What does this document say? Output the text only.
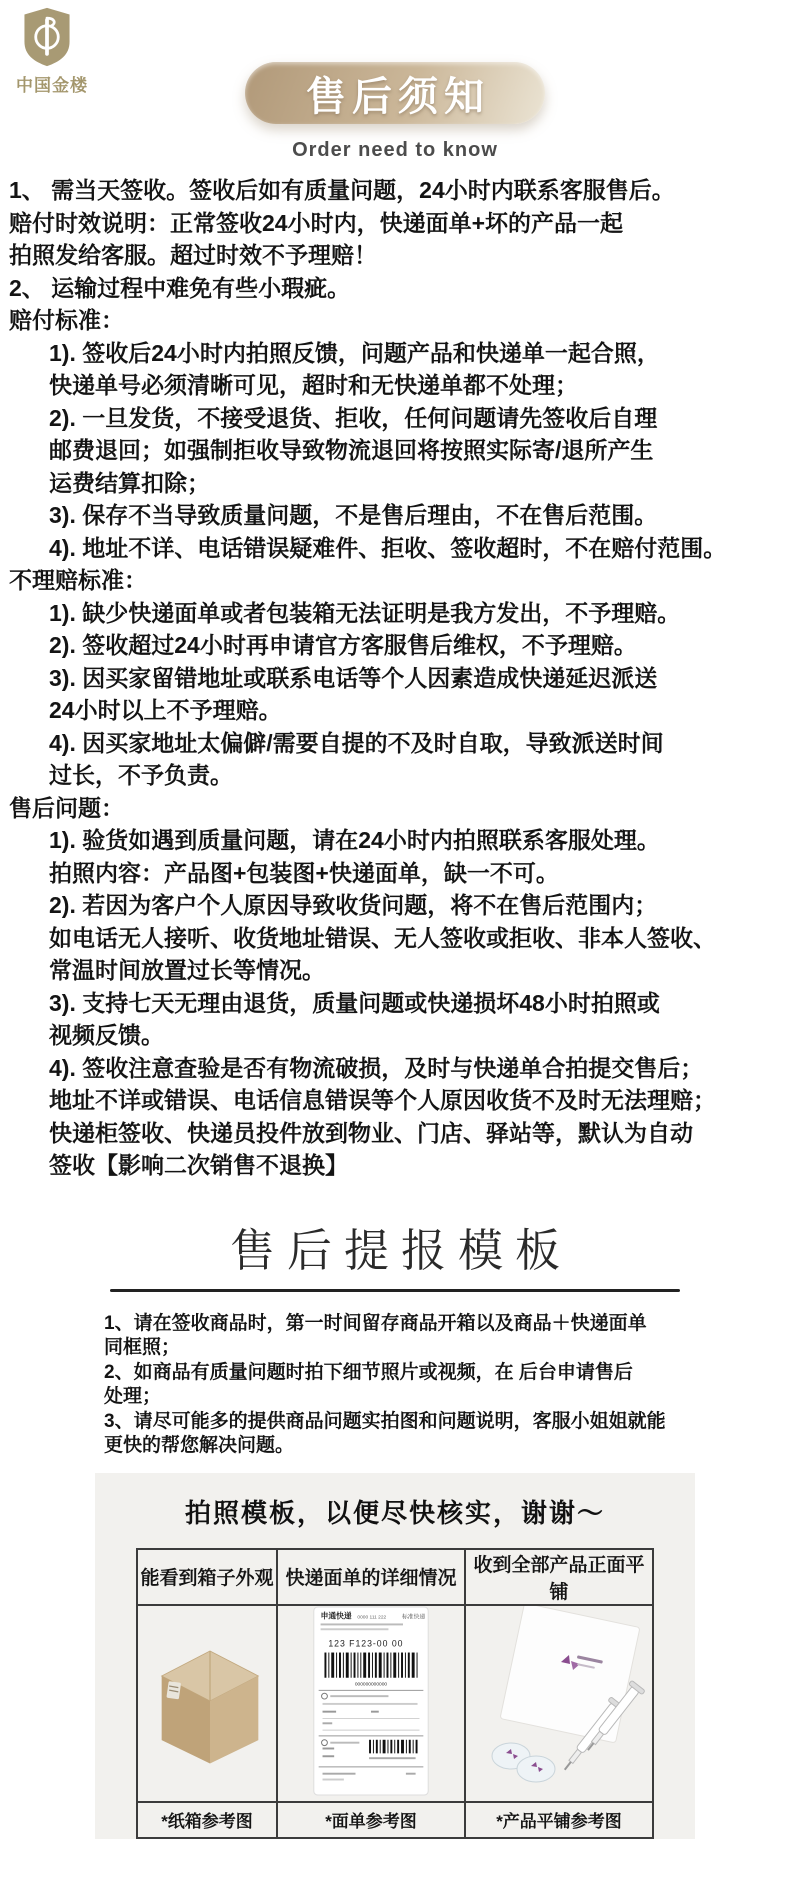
中国金楼	售后须知
Order need to know
1、 需当天签收。签收后如有质量问题，24小时内联系客服售后。
赔付时效说明：正常签收24小时内，快递面单+坏的产品一起
拍照发给客服。超过时效不予理赔！
2、 运输过程中难免有些小瑕疵。
赔付标准：
1). 签收后24小时内拍照反馈，问题产品和快递单一起合照，
快递单号必须清晰可见，超时和无快递单都不处理；
2). 一旦发货，不接受退货、拒收，任何问题请先签收后自理
邮费退回；如强制拒收导致物流退回将按照实际寄/退所产生
运费结算扣除；
3). 保存不当导致质量问题，不是售后理由，不在售后范围。
4). 地址不详、电话错误疑难件、拒收、签收超时，不在赔付范围。
不理赔标准：
1). 缺少快递面单或者包装箱无法证明是我方发出，不予理赔。
2). 签收超过24小时再申请官方客服售后维权，不予理赔。
3). 因买家留错地址或联系电话等个人因素造成快递延迟派送
24小时以上不予理赔。
4). 因买家地址太偏僻/需要自提的不及时自取，导致派送时间
过长，不予负责。
售后问题：
1). 验货如遇到质量问题，请在24小时内拍照联系客服处理。
拍照内容：产品图+包装图+快递面单，缺一不可。
2). 若因为客户个人原因导致收货问题，将不在售后范围内；
如电话无人接听、收货地址错误、无人签收或拒收、非本人签收、
常温时间放置过长等情况。
3). 支持七天无理由退货，质量问题或快递损坏48小时拍照或
视频反馈。
4). 签收注意查验是否有物流破损，及时与快递单合拍提交售后；
地址不详或错误、电话信息错误等个人原因收货不及时无法理赔；
快递柜签收、快递员投件放到物业、门店、驿站等，默认为自动
签收【影响二次销售不退换】
售后提报模板
1、请在签收商品时，第一时间留存商品开箱以及商品＋快递面单
同框照；
2、如商品有质量问题时拍下细节照片或视频，在 后台申请售后
处理；
3、请尽可能多的提供商品问题实拍图和问题说明，客服小姐姐就能
更快的帮您解决问题。
拍照模板，以便尽快核实，谢谢～
能看到箱子外观	快递面单的详细情况	收到全部产品正面平铺

申通快递 0000 111 222 标准快递
123 F123-00 00
000000000000

*纸箱参考图	*面单参考图	*产品平铺参考图
